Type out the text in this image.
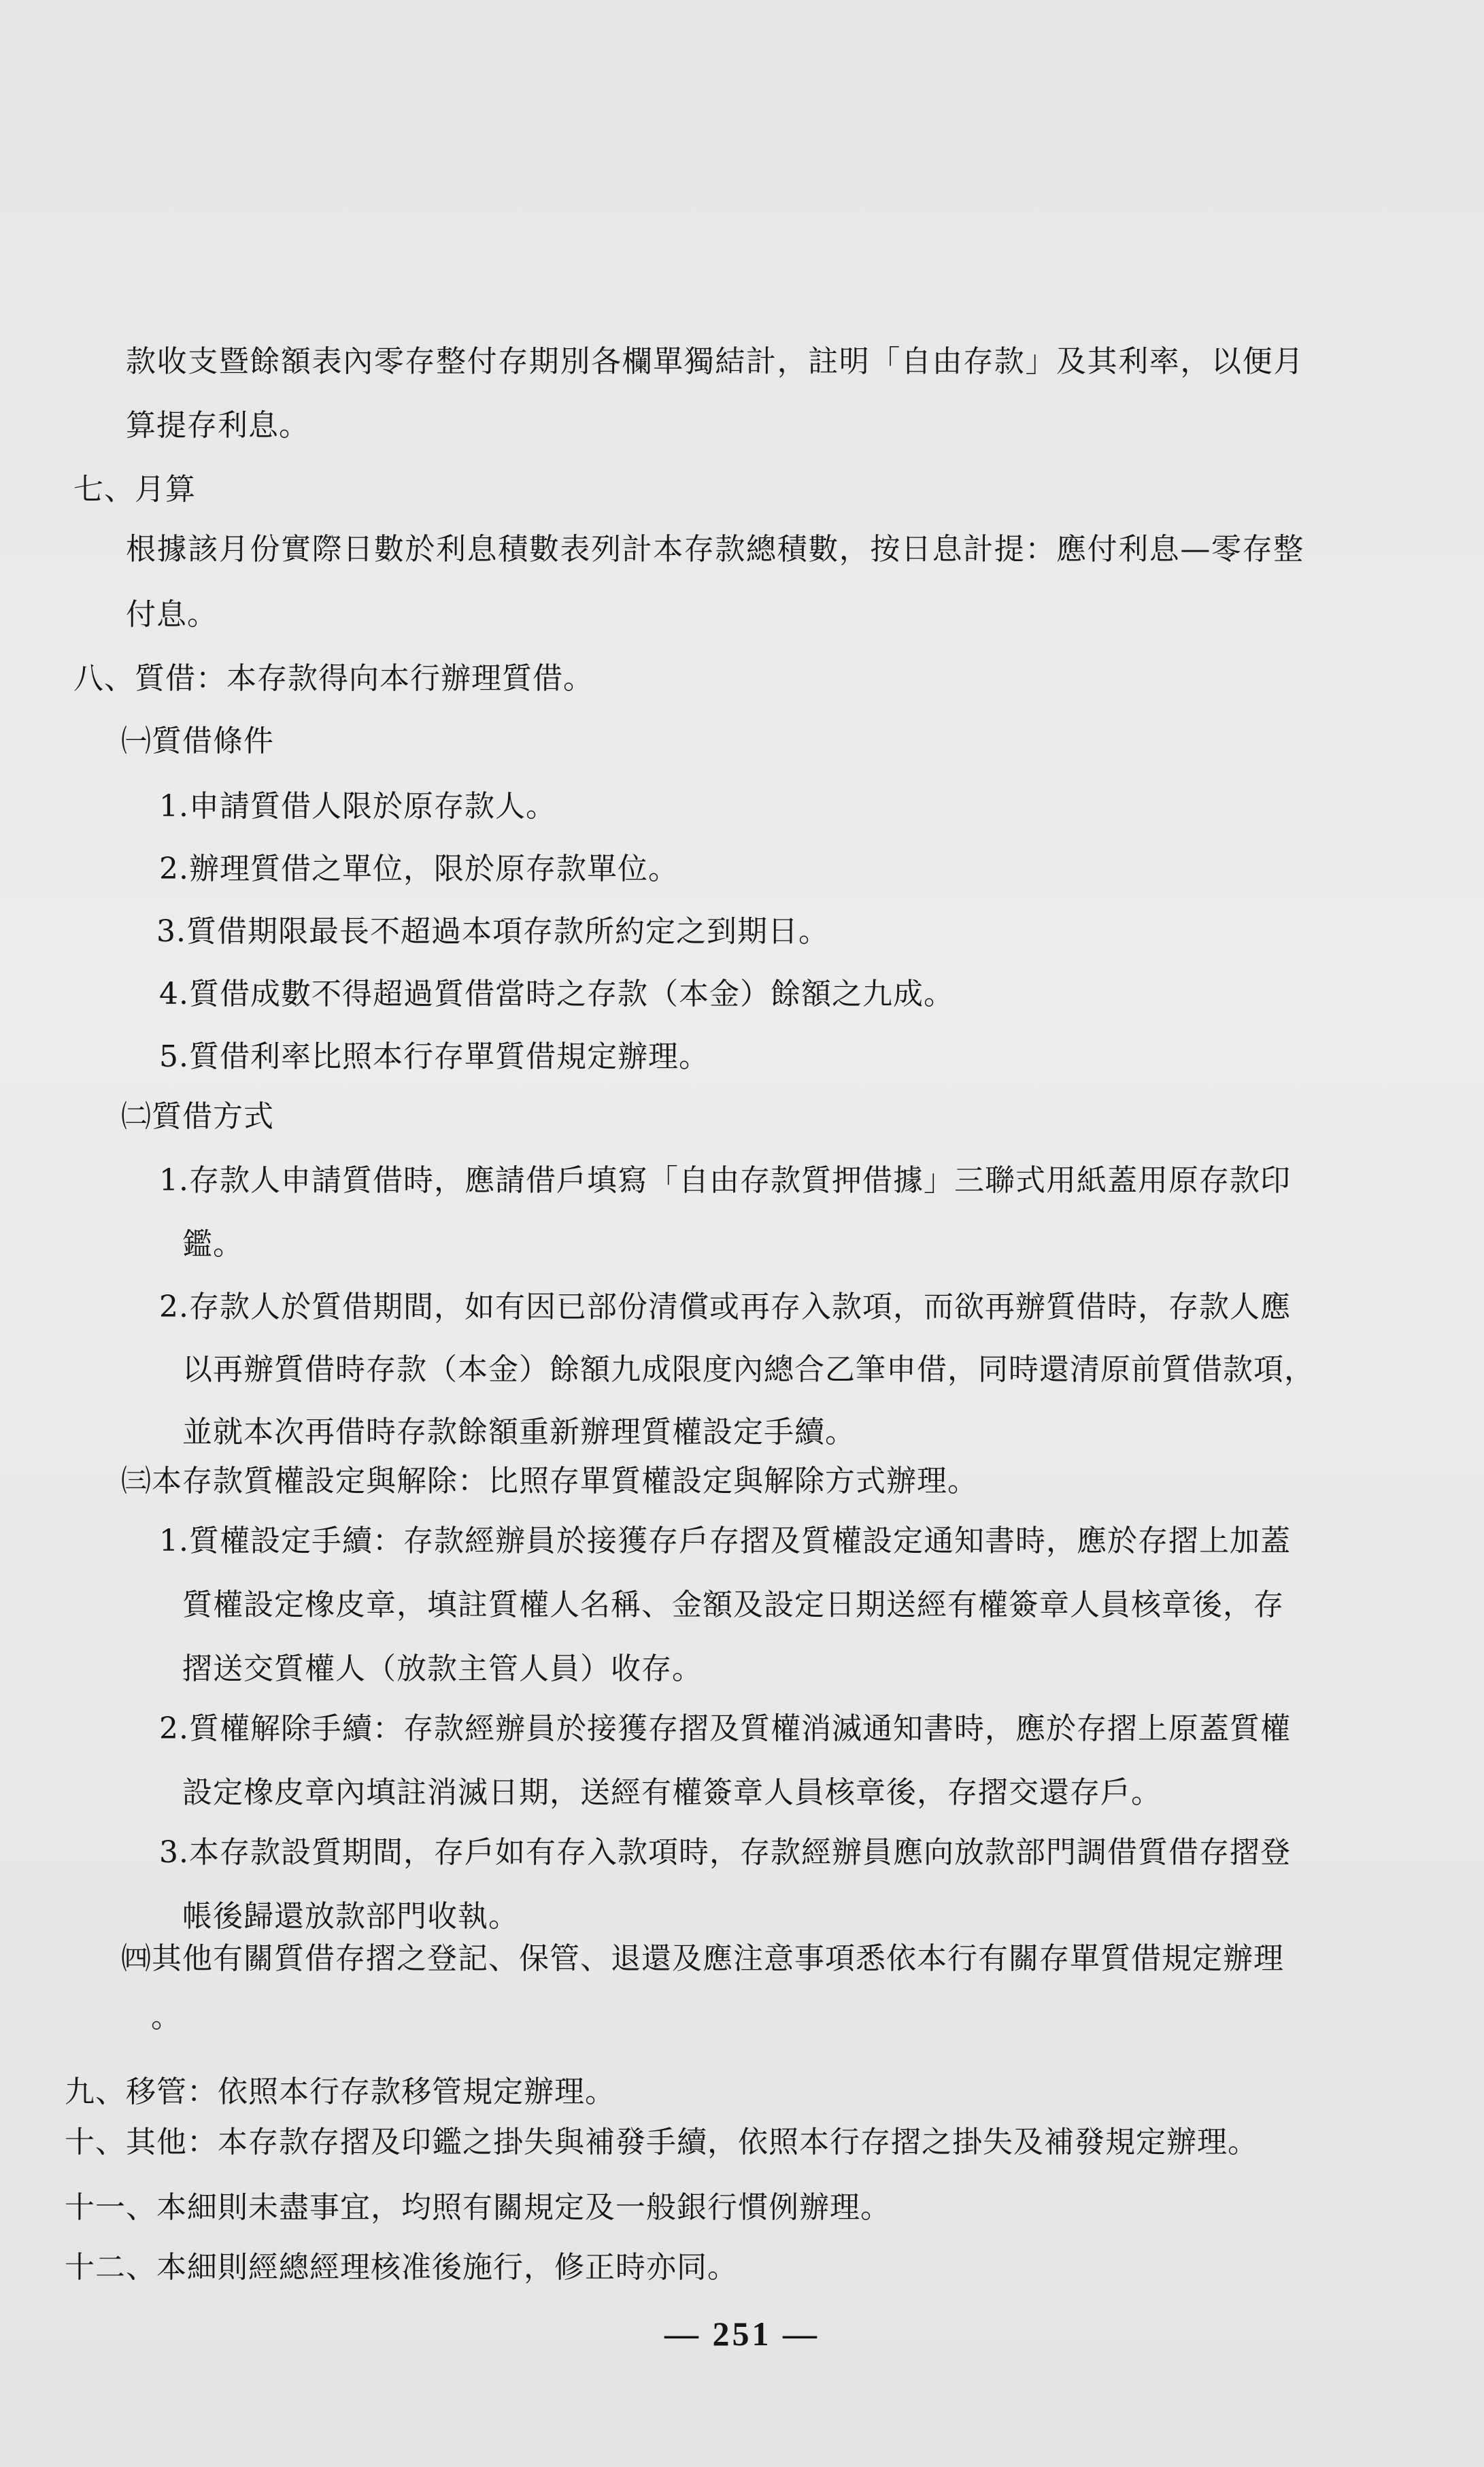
款收支暨餘額表內零存整付存期別各欄單獨結計，註明「自由存款」及其利率，以便月

算提存利息。

七、月算

根據該月份實際日數於利息積數表列計本存款總積數，按日息計提：應付利息—零存整

付息。

八、質借：本存款得向本行辦理質借。

㈠質借條件

1.申請質借人限於原存款人。

2.辦理質借之單位，限於原存款單位。

3.質借期限最長不超過本項存款所約定之到期日。

4.質借成數不得超過質借當時之存款（本金）餘額之九成。

5.質借利率比照本行存單質借規定辦理。

㈡質借方式

1.存款人申請質借時，應請借戶填寫「自由存款質押借據」三聯式用紙蓋用原存款印

鑑。

2.存款人於質借期間，如有因已部份清償或再存入款項，而欲再辦質借時，存款人應

以再辦質借時存款（本金）餘額九成限度內總合乙筆申借，同時還清原前質借款項，

並就本次再借時存款餘額重新辦理質權設定手續。

㈢本存款質權設定與解除：比照存單質權設定與解除方式辦理。

1.質權設定手續：存款經辦員於接獲存戶存摺及質權設定通知書時，應於存摺上加蓋

質權設定橡皮章，填註質權人名稱、金額及設定日期送經有權簽章人員核章後，存

摺送交質權人（放款主管人員）收存。

2.質權解除手續：存款經辦員於接獲存摺及質權消滅通知書時，應於存摺上原蓋質權

設定橡皮章內填註消滅日期，送經有權簽章人員核章後，存摺交還存戶。

3.本存款設質期間，存戶如有存入款項時，存款經辦員應向放款部門調借質借存摺登

帳後歸還放款部門收執。

㈣其他有關質借存摺之登記、保管、退還及應注意事項悉依本行有關存單質借規定辦理

。

九、移管：依照本行存款移管規定辦理。

十、其他：本存款存摺及印鑑之掛失與補發手續，依照本行存摺之掛失及補發規定辦理。

十一、本細則未盡事宜，均照有關規定及一般銀行慣例辦理。

十二、本細則經總經理核准後施行，修正時亦同。

— 251 —
